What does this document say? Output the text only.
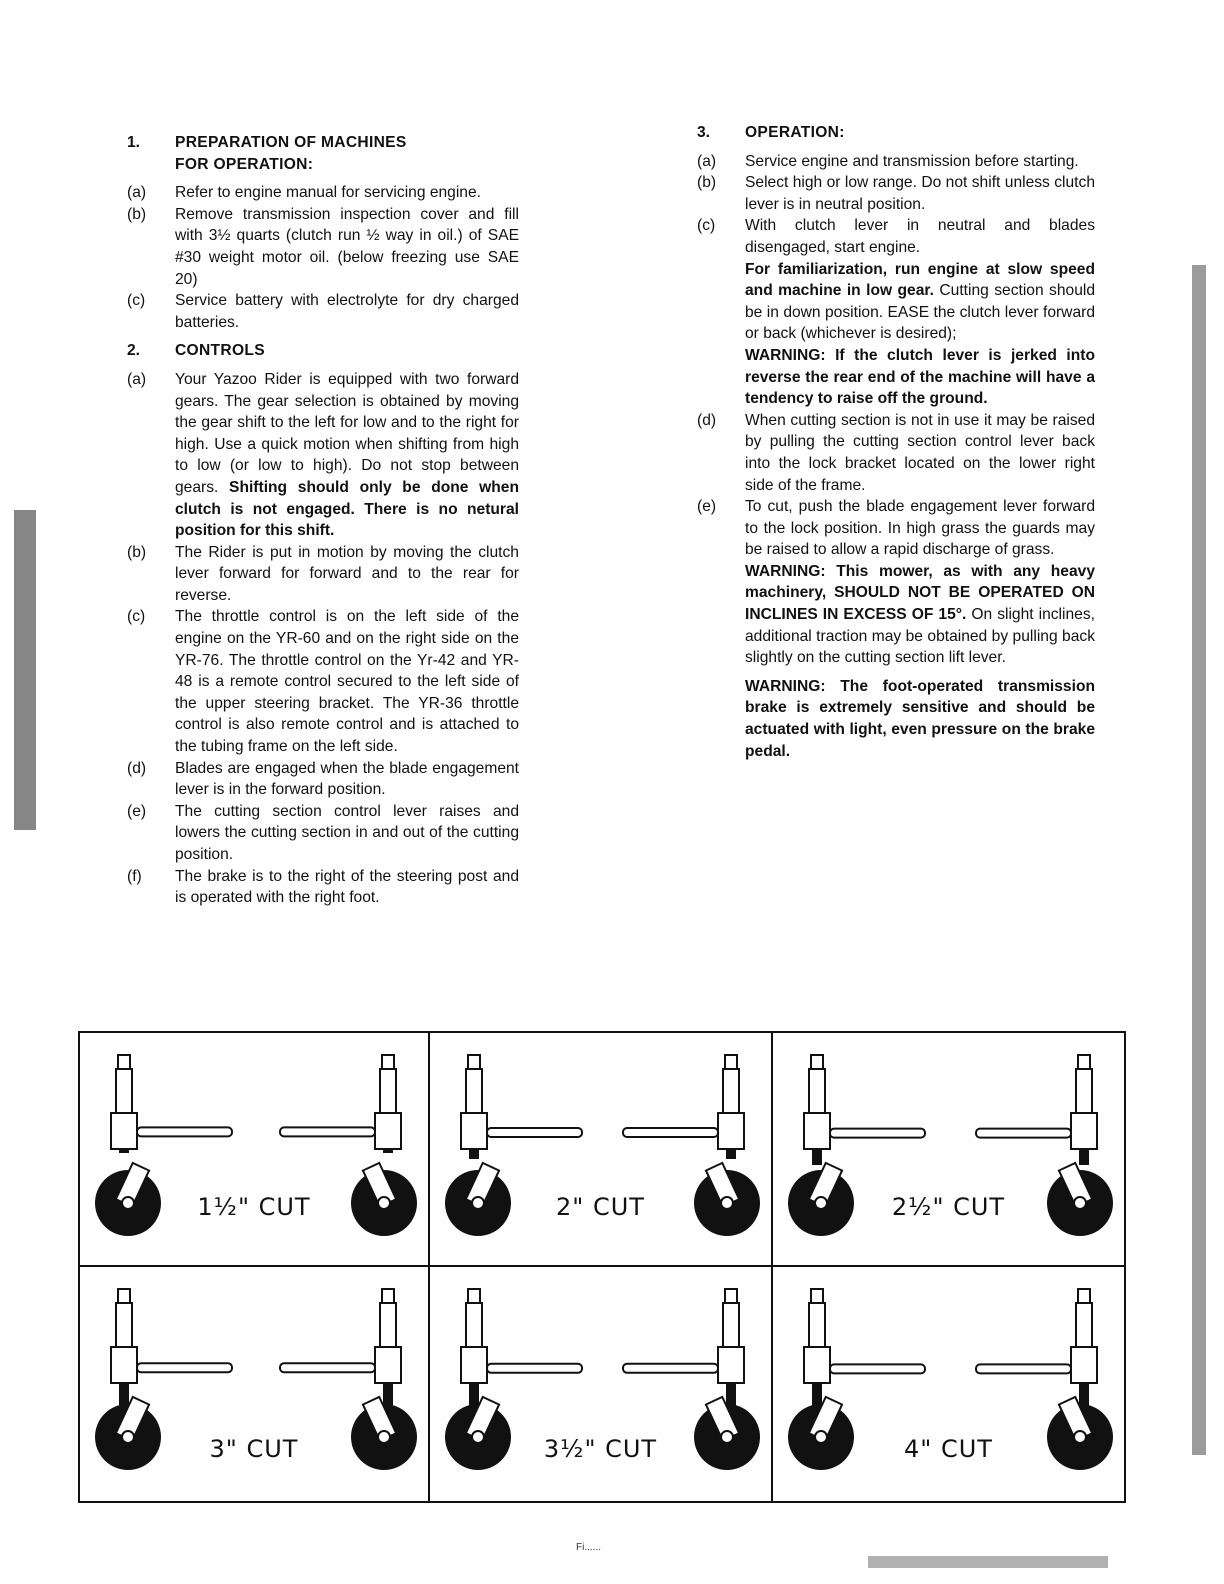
1.	PREPARATION OF MACHINES
FOR OPERATION:
(a)	Refer to engine manual for servicing engine.
(b)	Remove transmission inspection cover and fill with 3½ quarts (clutch run ½ way in oil.) of SAE #30 weight motor oil. (below freezing use SAE 20)
(c)	Service battery with electrolyte for dry charged batteries.
2.	CONTROLS
(a)	Your Yazoo Rider is equipped with two forward gears. The gear selection is obtained by moving the gear shift to the left for low and to the right for high. Use a quick motion when shifting from high to low (or low to high). Do not stop between gears. Shifting should only be done when clutch is not engaged. There is no netural position for this shift.
(b)	The Rider is put in motion by moving the clutch lever forward for forward and to the rear for reverse.
(c)	The throttle control is on the left side of the engine on the YR-60 and on the right side on the YR-76. The throttle control on the Yr-42 and YR-48 is a remote control secured to the left side of the upper steering bracket. The YR-36 throttle control is also remote control and is attached to the tubing frame on the left side.
(d)	Blades are engaged when the blade engagement lever is in the forward position.
(e)	The cutting section control lever raises and lowers the cutting section in and out of the cutting position.
(f)	The brake is to the right of the steering post and is operated with the right foot.
3.	OPERATION:
(a)	Service engine and transmission before starting.
(b)	Select high or low range. Do not shift unless clutch lever is in neutral position.
(c)	With clutch lever in neutral and blades disengaged, start engine.
For familiarization, run engine at slow speed and machine in low gear. Cutting section should be in down position. EASE the clutch lever forward or back (whichever is desired);
WARNING: If the clutch lever is jerked into reverse the rear end of the machine will have a tendency to raise off the ground.
(d)	When cutting section is not in use it may be raised by pulling the cutting section control lever back into the lock bracket located on the lower right side of the frame.
(e)	To cut, push the blade engagement lever forward to the lock position. In high grass the guards may be raised to allow a rapid discharge of grass.
WARNING: This mower, as with any heavy machinery, SHOULD NOT BE OPERATED ON INCLINES IN EXCESS OF 15°. On slight inclines, additional traction may be obtained by pulling back slightly on the cutting section lift lever.
WARNING: The foot-operated transmission brake is extremely sensitive and should be actuated with light, even pressure on the brake pedal.
1½" CUT	2" CUT	2½" CUT
3" CUT	3½" CUT	4" CUT
Fi......
